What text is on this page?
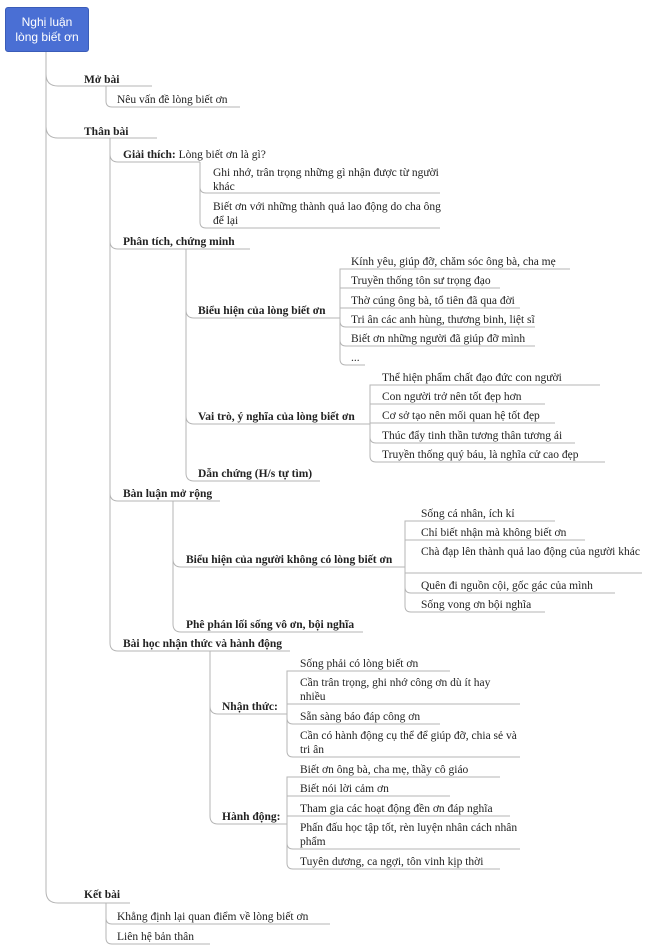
Nghị luận
lòng biết ơn
Mở bài
Nêu vấn đề lòng biết ơn
Thân bài
Giải thích: Lòng biết ơn là gì?
Ghi nhớ, trân trọng những gì nhận được từ người khác
Biết ơn với những thành quả lao động do cha ông để lại
Phân tích, chứng minh
Biểu hiện của lòng biết ơn
Kính yêu, giúp đỡ, chăm sóc ông bà, cha mẹ
Truyền thống tôn sư trọng đạo
Thờ cúng ông bà, tổ tiên đã qua đời
Tri ân các anh hùng, thương binh, liệt sĩ
Biết ơn những người đã giúp đỡ mình
...
Vai trò, ý nghĩa của lòng biết ơn
Thể hiện phẩm chất đạo đức con người
Con người trở nên tốt đẹp hơn
Cơ sở tạo nên mối quan hệ tốt đẹp
Thúc đẩy tinh thần tương thân tương ái
Truyền thống quý báu, là nghĩa cử cao đẹp
Dẫn chứng (H/s tự tìm)
Bàn luận mở rộng
Biểu hiện của người không có lòng biết ơn
Sống cá nhân, ích kỉ
Chỉ biết nhận mà không biết ơn
Chà đạp lên thành quả lao động của người khác
Quên đi nguồn cội, gốc gác của mình
Sống vong ơn bội nghĩa
Phê phán lối sống vô ơn, bội nghĩa
Bài học nhận thức và hành động
Nhận thức:
Sống phải có lòng biết ơn
Cần trân trọng, ghi nhớ công ơn dù ít hay nhiều
Sẵn sàng báo đáp công ơn
Cần có hành động cụ thể để giúp đỡ, chia sẻ và tri ân
Hành động:
Biết ơn ông bà, cha mẹ, thầy cô giáo
Biết nói lời cảm ơn
Tham gia các hoạt động đền ơn đáp nghĩa
Phấn đấu học tập tốt, rèn luyện nhân cách nhân phẩm
Tuyên dương, ca ngợi, tôn vinh kịp thời
Kết bài
Khẳng định lại quan điểm về lòng biết ơn
Liên hệ bản thân
